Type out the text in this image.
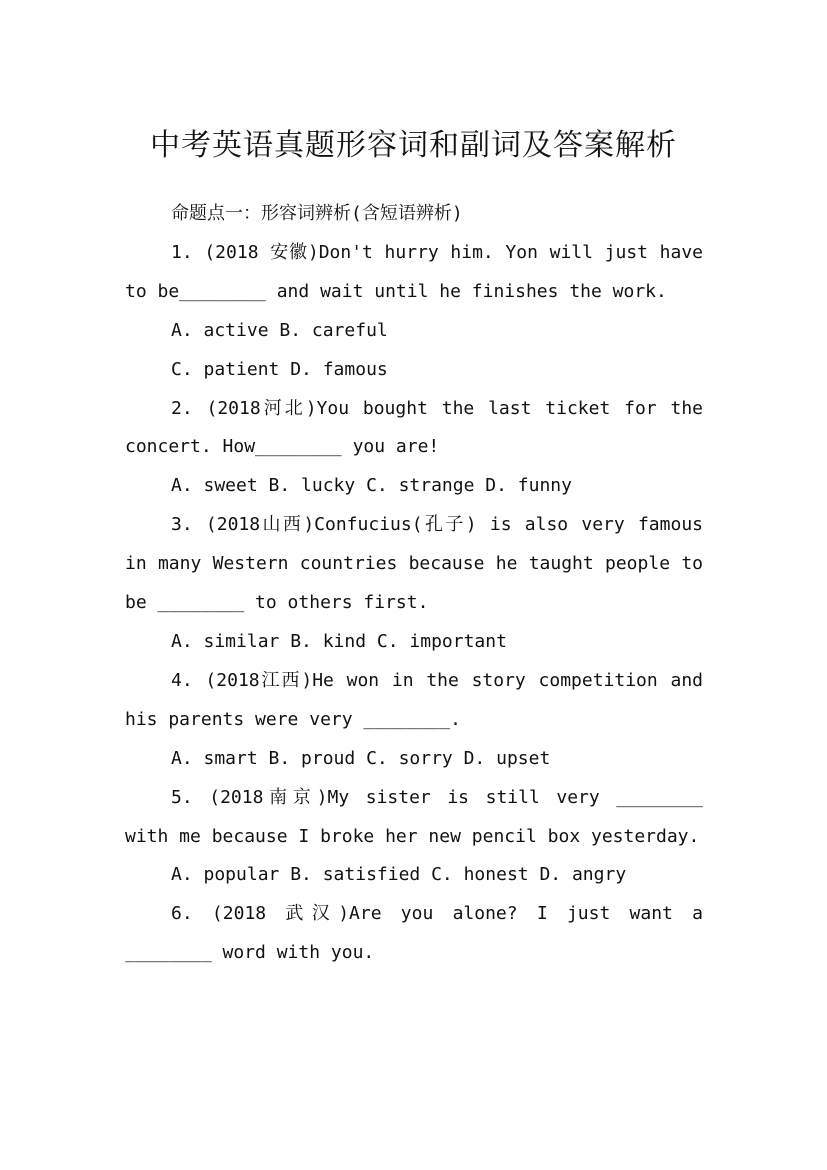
中考英语真题形容词和副词及答案解析

命题点一：形容词辨析(含短语辨析)

1. (2018 安徽)Don't hurry him. Yon will just have to be________ and wait until he finishes the work.

A. active B. careful

C. patient D. famous

2. (2018河北)You bought the last ticket for the concert. How________ you are!

A. sweet B. lucky C. strange D. funny

3. (2018山西)Confucius(孔子) is also very famous in many Western countries because he taught people to be ________ to others first.

A. similar B. kind C. important

4. (2018江西)He won in the story competition and his parents were very ________.

A. smart B. proud C. sorry D. upset

5. (2018南京)My sister is still very ________ with me because I broke her new pencil box yesterday.

A. popular B. satisfied C. honest D. angry

6. (2018 武汉)Are you alone? I just want a ________ word with you.
